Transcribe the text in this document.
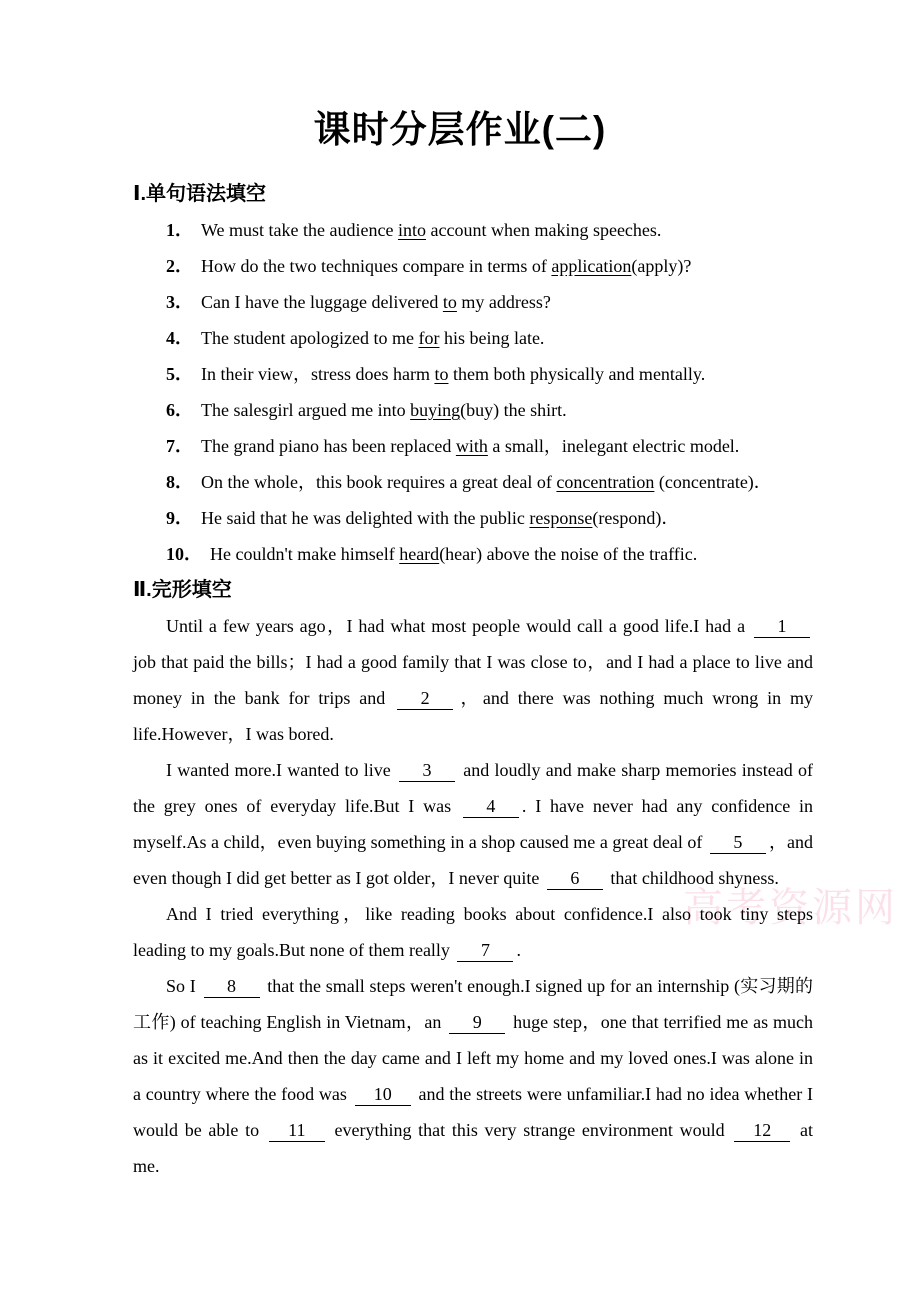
课时分层作业(二)
Ⅰ.单句语法填空
1． We must take the audience into account when making speeches.
2． How do the two techniques compare in terms of application(apply)?
3． Can I have the luggage delivered to my address?
4． The student apologized to me for his being late.
5． In their view，stress does harm to them both physically and mentally.
6． The salesgirl argued me into buying(buy) the shirt.
7． The grand piano has been replaced with a small，inelegant electric model.
8． On the whole，this book requires a great deal of concentration (concentrate)．
9． He said that he was delighted with the public response(respond)．
10． He couldn't make himself heard(hear) above the noise of the traffic.
Ⅱ.完形填空
Until a few years ago，I had what most people would call a good life.I had a 1 job that paid the bills；I had a good family that I was close to，and I had a place to live and money in the bank for trips and 2 ，and there was nothing much wrong in my life.However，I was bored.
I wanted more.I wanted to live 3 and loudly and make sharp memories instead of the grey ones of everyday life.But I was 4 . I have never had any confidence in myself.As a child，even buying something in a shop caused me a great deal of 5 ，and even though I did get better as I got older，I never quite 6 that childhood shyness.
And I tried everything，like reading books about confidence.I also took tiny steps leading to my goals.But none of them really 7 .
So I 8 that the small steps weren't enough.I signed up for an internship (实习期的工作) of teaching English in Vietnam，an 9 huge step，one that terrified me as much as it excited me.And then the day came and I left my home and my loved ones.I was alone in a country where the food was 10 and the streets were unfamiliar.I had no idea whether I would be able to 11 everything that this very strange environment would 12 at me.
高考资源网
